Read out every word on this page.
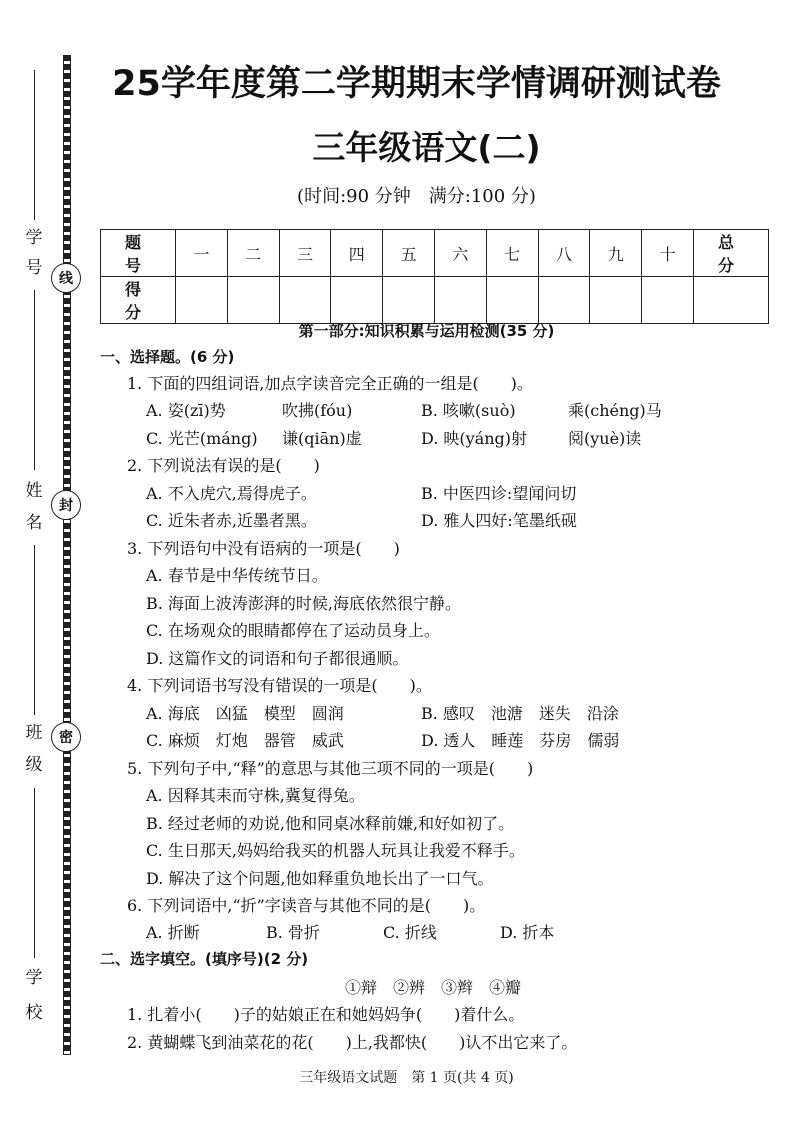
学
号
姓
名
班
级
学
校
线
封
密
25学年度第二学期期末学情调研测试卷
三年级语文(二)
(时间:90 分钟　满分:100 分)
题　号	一	二	三	四	五	六	七	八	九	十	总　分
得　分											
第一部分:知识积累与运用检测(35 分)
一、选择题。(6 分)
1. 下面的四组词语,加点字读音完全正确的一组是(　　)。
A. 姿(zī)势	吹拂(fóu)	B. 咳嗽(suò)	乘(chéng)马
C. 光芒(máng) 谦(qiān)虚	D. 映(yáng)射	阅(yuè)读
2. 下列说法有误的是(　　)
A. 不入虎穴,焉得虎子。	B. 中医四诊:望闻问切
C. 近朱者赤,近墨者黑。	D. 雅人四好:笔墨纸砚
3. 下列语句中没有语病的一项是(　　)
A. 春节是中华传统节日。
B. 海面上波涛澎湃的时候,海底依然很宁静。
C. 在场观众的眼睛都停在了运动员身上。
D. 这篇作文的词语和句子都很通顺。
4. 下列词语书写没有错误的一项是(　　)。
A. 海底　凶猛　模型　圆润	B. 感叹　池溏　迷失　沿涂
C. 麻烦　灯炮　器管　威武	D. 透人　睡莲　芬房　儒弱
5. 下列句子中,“释”的意思与其他三项不同的一项是(　　)
A. 因释其耒而守株,冀复得兔。
B. 经过老师的劝说,他和同桌冰释前嫌,和好如初了。
C. 生日那天,妈妈给我买的机器人玩具让我爱不释手。
D. 解决了这个问题,他如释重负地长出了一口气。
6. 下列词语中,“折”字读音与其他不同的是(　　)。
A. 折断	B. 骨折	C. 折线	D. 折本
二、选字填空。(填序号)(2 分)
①辩　②辨　③辫　④瓣
1. 扎着小(　　)子的姑娘正在和她妈妈争(　　)着什么。
2. 黄蝴蝶飞到油菜花的花(　　)上,我都快(　　)认不出它来了。
三年级语文试题　第 1 页(共 4 页)
